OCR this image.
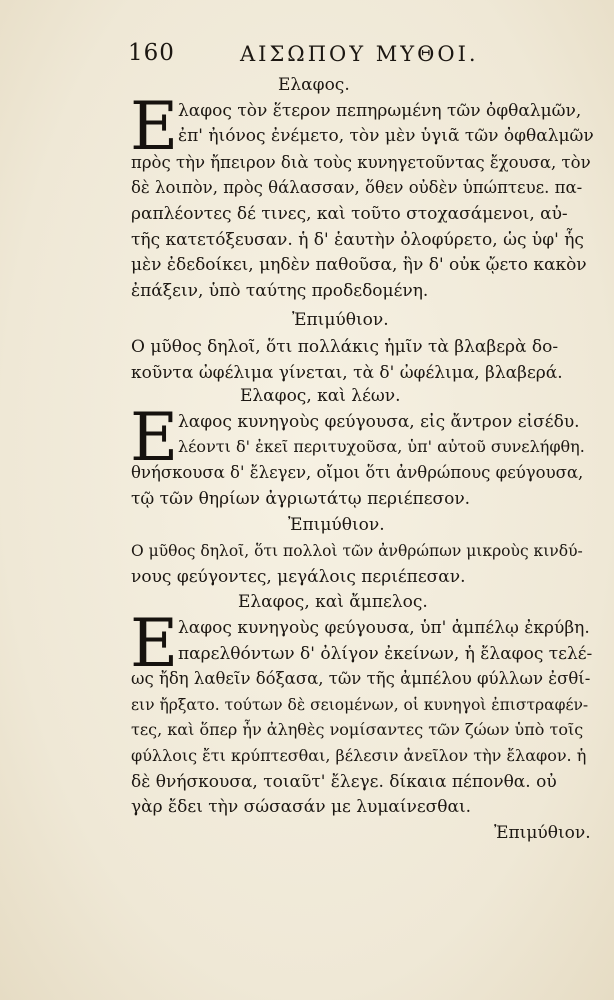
160	ΑΙΣΩΠΟΥ ΜΥΘΟΙ.
Ελαφος.
E λαφος τὸν ἕτερον πεπηρωμένη τῶν ὀφθαλμῶν,
ἐπ' ἠιόνος ἐνέμετο, τὸν μὲν ὑγιᾶ τῶν ὀφθαλμῶν
πρὸς τὴν ἤπειρον διὰ τοὺς κυνηγετοῦντας ἔχουσα, τὸν
δὲ λοιπὸν, πρὸς θάλασσαν, ὅθεν οὐδὲν ὑπώπτευε. πα-
ραπλέοντες δέ τινες, καὶ τοῦτο στοχασάμενοι, αὐ-
τῆς κατετόξευσαν. ἡ δ' ἑαυτὴν ὀλοφύρετο, ὡς ὑφ' ἧς
μὲν ἐδεδοίκει, μηδὲν παθοῦσα, ἣν δ' οὐκ ᾤετο κακὸν
ἐπάξειν, ὑπὸ ταύτης προδεδομένη.
Ἐπιμύθιον.
Ο μῦθος δηλοῖ, ὅτι πολλάκις ἡμῖν τὰ βλαβερὰ δο-
κοῦντα ὠφέλιμα γίνεται, τὰ δ' ὠφέλιμα, βλαβερά.
Ελαφος, καὶ λέων.
E λαφος κυνηγοὺς φεύγουσα, εἰς ἄντρον εἰσέδυ.
λέοντι δ' ἐκεῖ περιτυχοῦσα, ὑπ' αὐτοῦ συνελήφθη.
θνήσκουσα δ' ἔλεγεν, οἴμοι ὅτι ἀνθρώπους φεύγουσα,
τῷ τῶν θηρίων ἀγριωτάτῳ περιέπεσον.
Ἐπιμύθιον.
Ο μῦθος δηλοῖ, ὅτι πολλοὶ τῶν ἀνθρώπων μικροὺς κινδύ-
νους φεύγοντες, μεγάλοις περιέπεσαν.
Ελαφος, καὶ ἄμπελος.
E λαφος κυνηγοὺς φεύγουσα, ὑπ' ἀμπέλῳ ἐκρύβη.
παρελθόντων δ' ὀλίγον ἐκείνων, ἡ ἔλαφος τελέ-
ως ἤδη λαθεῖν δόξασα, τῶν τῆς ἀμπέλου φύλλων ἐσθί-
ειν ἤρξατο. τούτων δὲ σειομένων, οἱ κυνηγοὶ ἐπιστραφέν-
τες, καὶ ὅπερ ἦν ἀληθὲς νομίσαντες τῶν ζώων ὑπὸ τοῖς
φύλλοις ἔτι κρύπτεσθαι, βέλεσιν ἀνεῖλον τὴν ἔλαφον. ἡ
δὲ θνήσκουσα, τοιαῦτ' ἔλεγε. δίκαια πέπονθα. οὐ
γὰρ ἔδει τὴν σώσασάν με λυμαίνεσθαι.
Ἐπιμύθιον.
